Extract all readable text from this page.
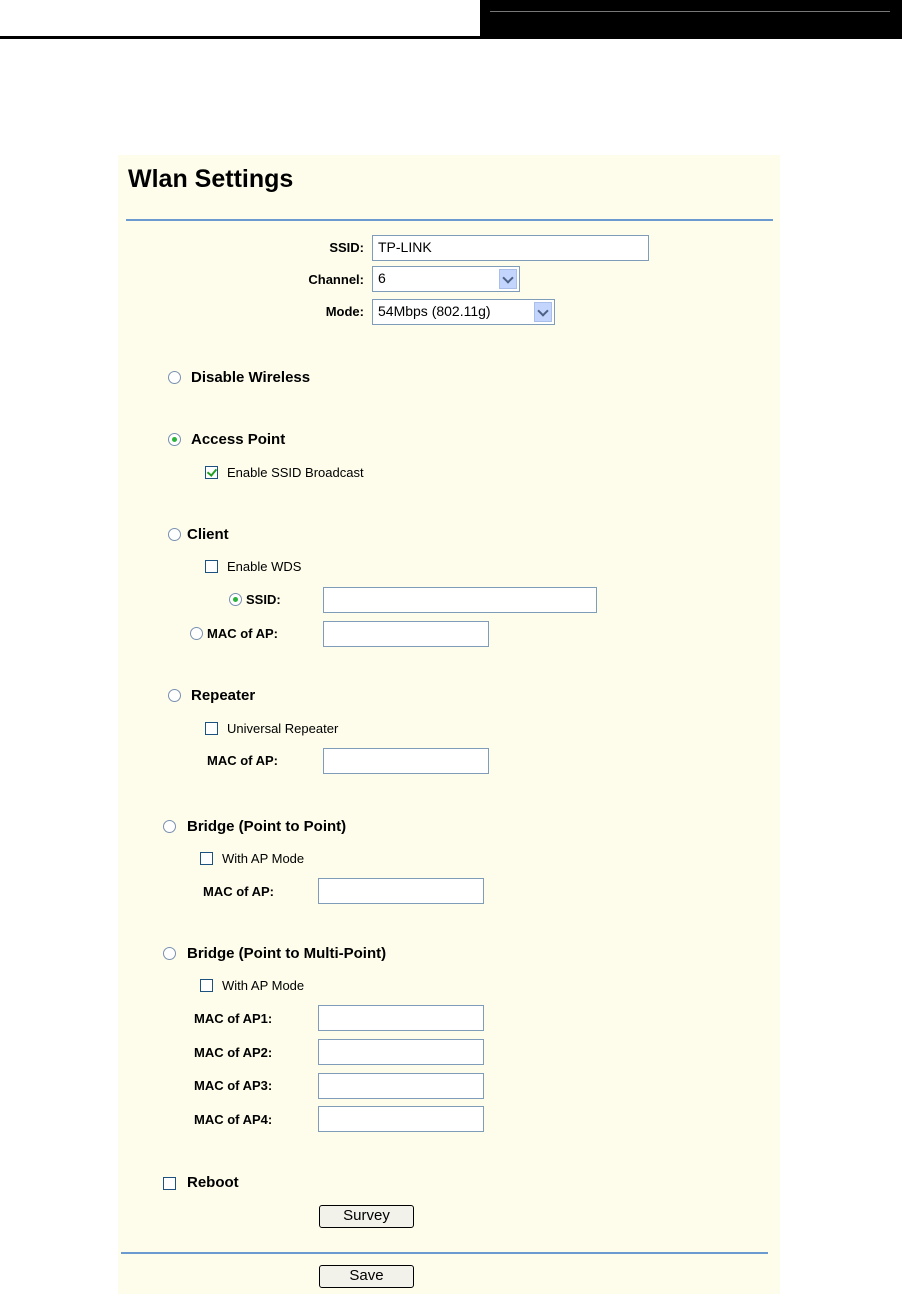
Wlan Settings
SSID:	TP-LINK
Channel:	6
Mode:	54Mbps (802.11g)
Disable Wireless
Access Point
Enable SSID Broadcast
Client
Enable WDS
SSID:
MAC of AP:
Repeater
Universal Repeater
MAC of AP:
Bridge (Point to Point)
With AP Mode
MAC of AP:
Bridge (Point to Multi-Point)
With AP Mode
MAC of AP1:
MAC of AP2:
MAC of AP3:
MAC of AP4:
Reboot
Survey
Save
